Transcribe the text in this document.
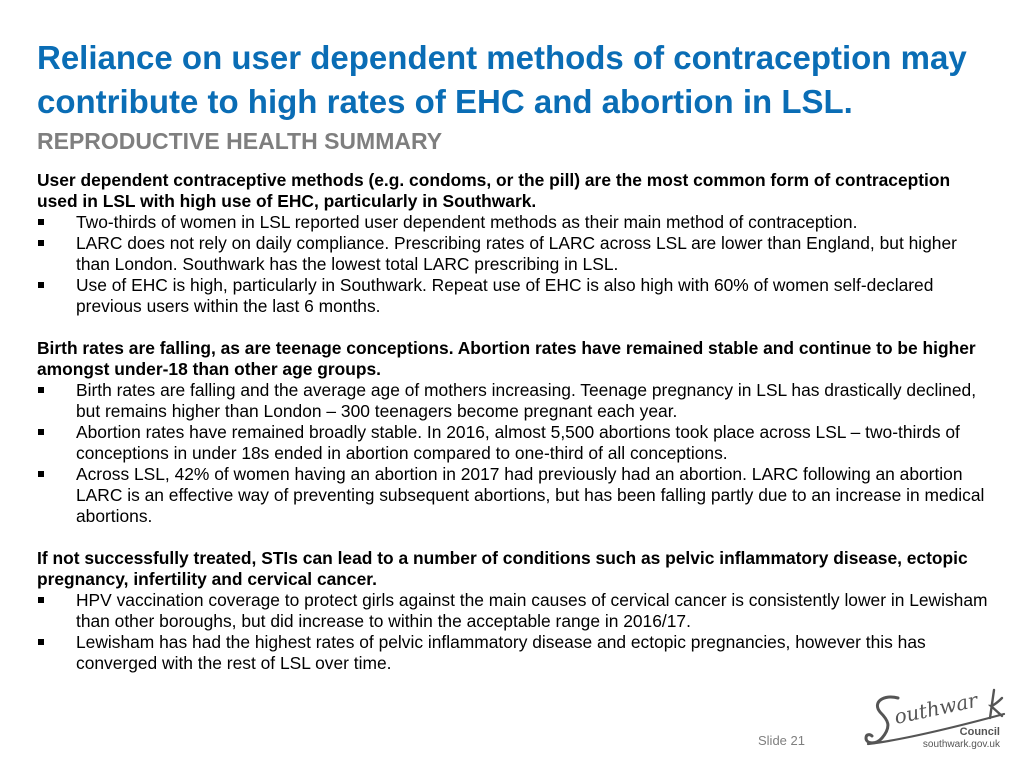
Reliance on user dependent methods of contraception may contribute to high rates of EHC and abortion in LSL.
REPRODUCTIVE HEALTH SUMMARY

User dependent contraceptive methods (e.g. condoms, or the pill) are the most common form of contraception used in LSL with high use of EHC, particularly in Southwark.

Two-thirds of women in LSL reported user dependent methods as their main method of contraception.
LARC does not rely on daily compliance. Prescribing rates of LARC across LSL are lower than England, but higher than London. Southwark has the lowest total LARC prescribing in LSL.
Use of EHC is high, particularly in Southwark. Repeat use of EHC is also high with 60% of women self-declared previous users within the last 6 months.

Birth rates are falling, as are teenage conceptions. Abortion rates have remained stable and continue to be higher amongst under-18 than other age groups.

Birth rates are falling and the average age of mothers increasing. Teenage pregnancy in LSL has drastically declined, but remains higher than London – 300 teenagers become pregnant each year.
Abortion rates have remained broadly stable. In 2016, almost 5,500 abortions took place across LSL – two-thirds of conceptions in under 18s ended in abortion compared to one-third of all conceptions.
Across LSL, 42% of women having an abortion in 2017 had previously had an abortion. LARC following an abortion LARC is an effective way of preventing subsequent abortions, but has been falling partly due to an increase in medical abortions.

If not successfully treated, STIs can lead to a number of conditions such as pelvic inflammatory disease, ectopic pregnancy, infertility and cervical cancer.

HPV vaccination coverage to protect girls against the main causes of cervical cancer is consistently lower in Lewisham than other boroughs, but did increase to within the acceptable range in 2016/17.
Lewisham has had the highest rates of pelvic inflammatory disease and ectopic pregnancies, however this has converged with the rest of LSL over time.
Slide 21
outhwar
Council
southwark.gov.uk
